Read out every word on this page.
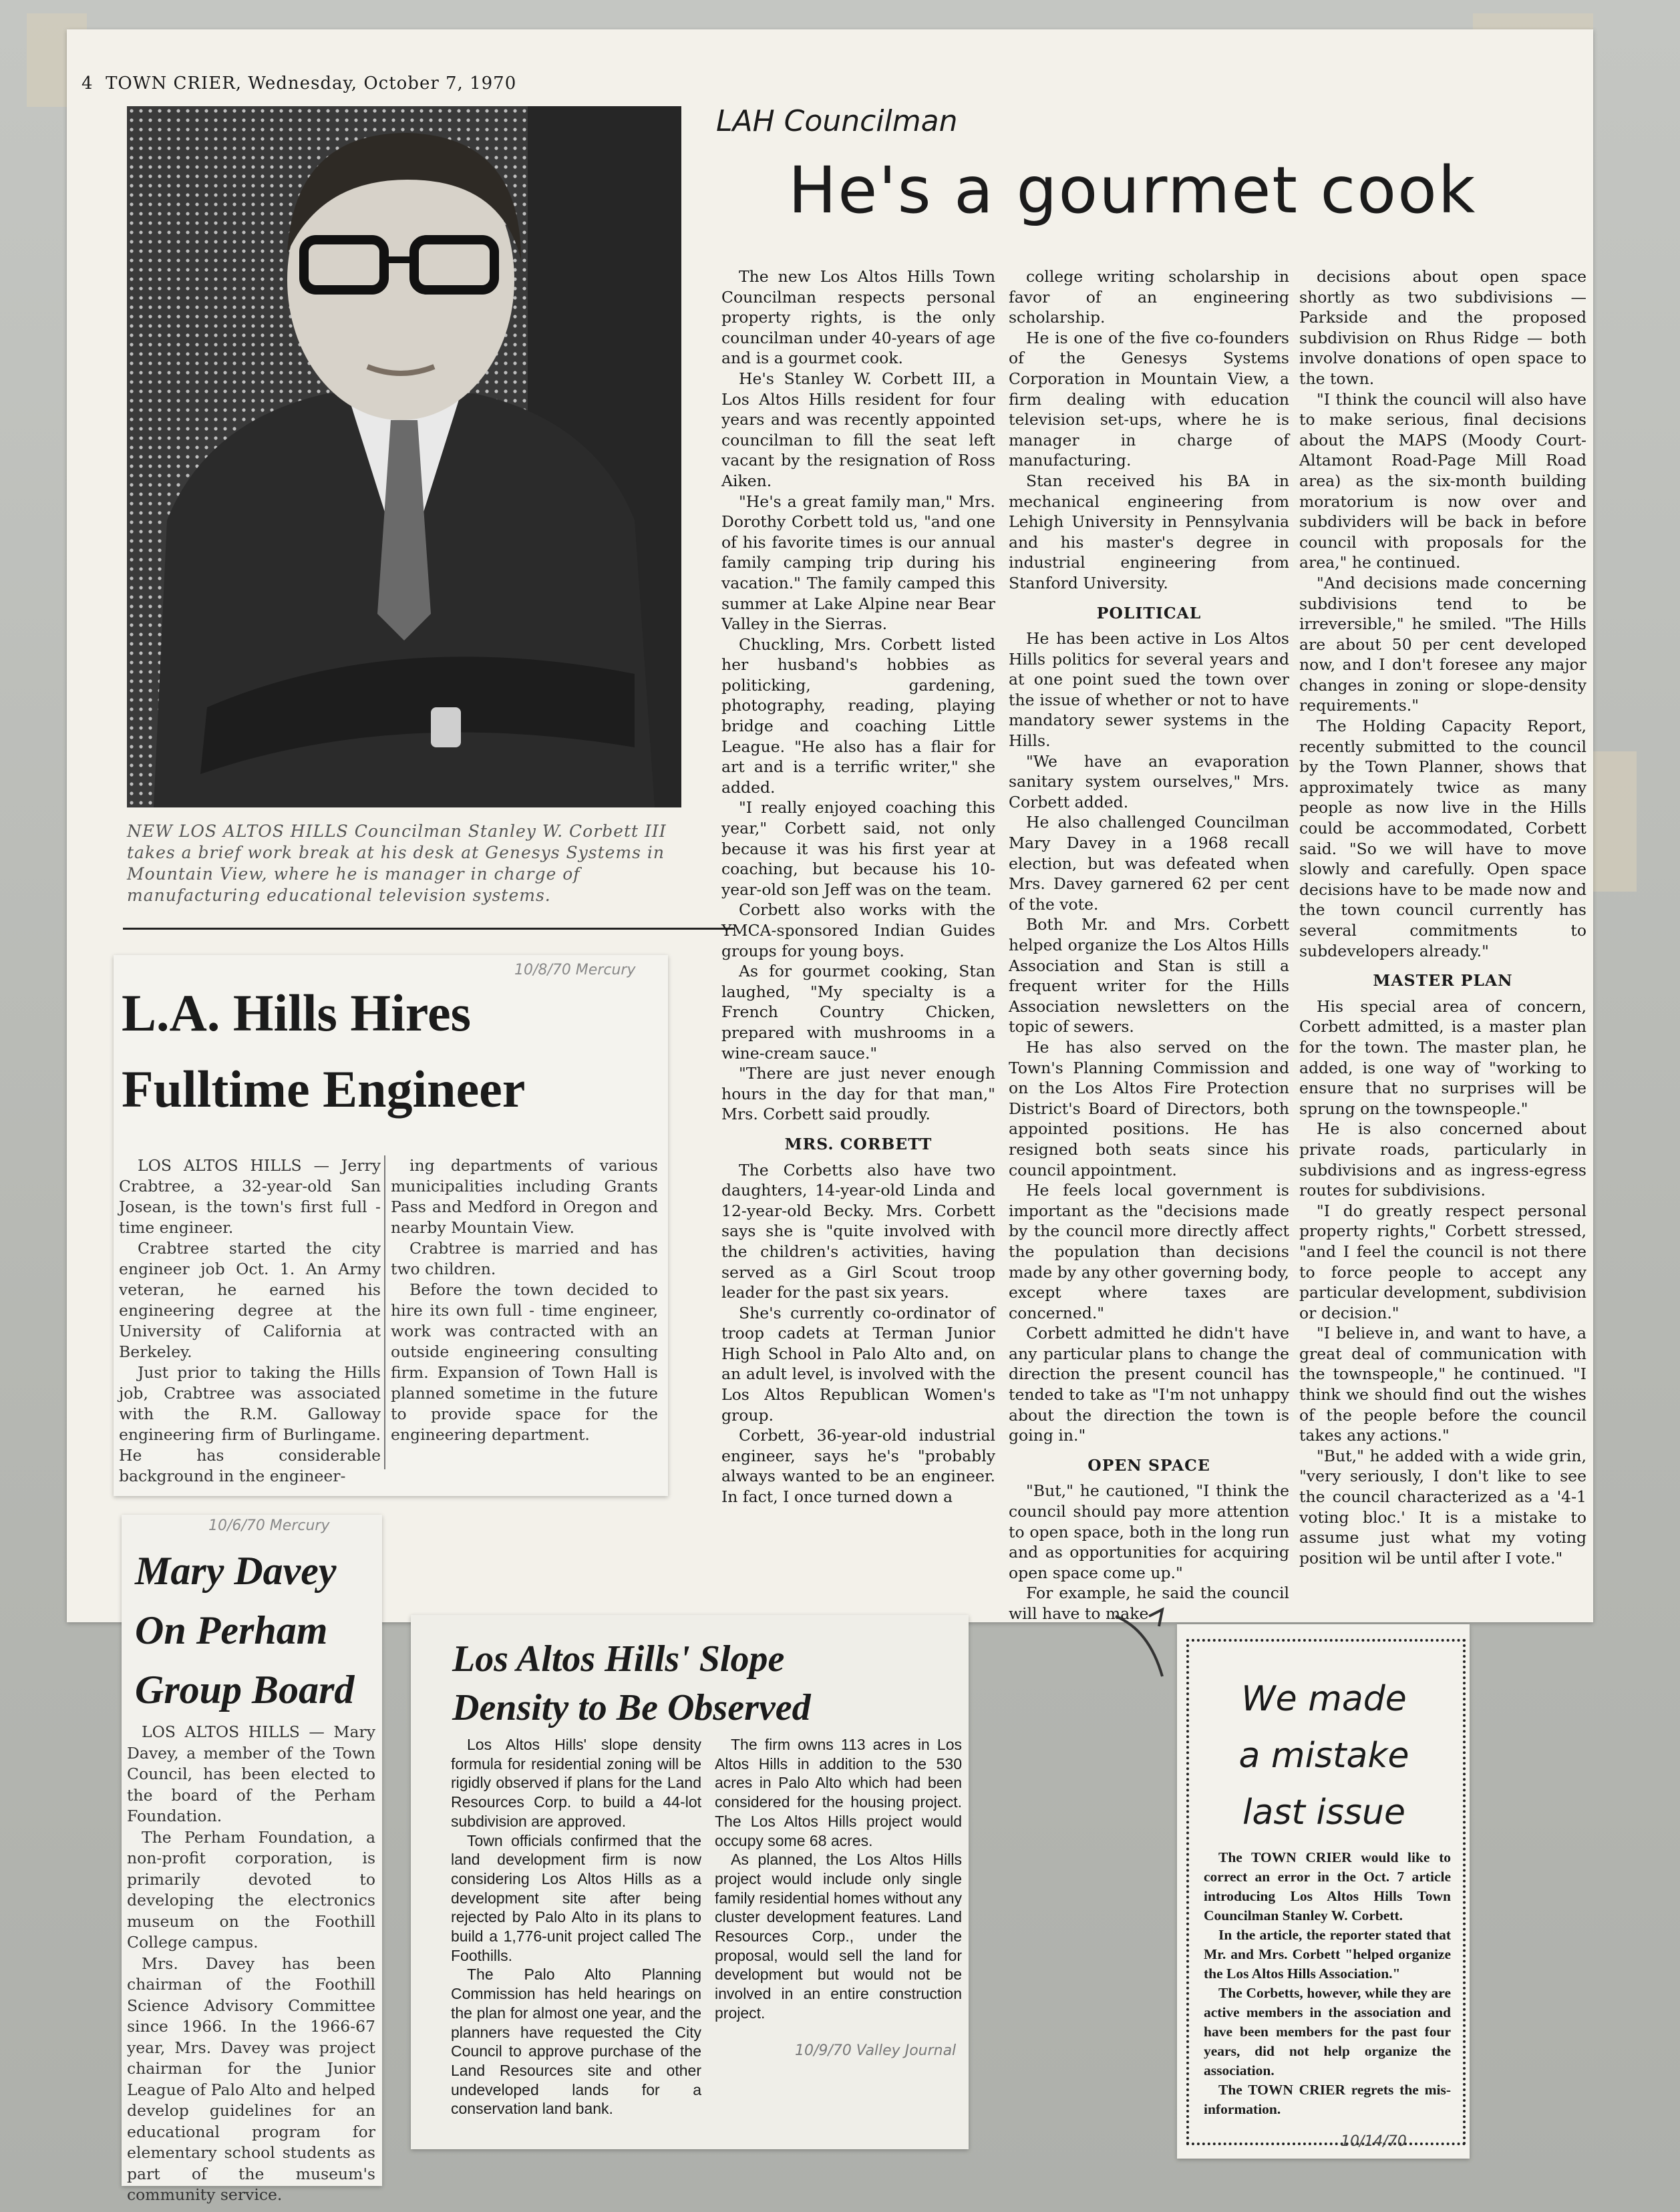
4 TOWN CRIER, Wednesday, October 7, 1970
NEW LOS ALTOS HILLS Councilman Stanley W. Corbett III takes a brief work break at his desk at Genesys Systems in Mountain View, where he is manager in charge of manufacturing educational television systems.
LAH Councilman
He's a gourmet cook

The new Los Altos Hills Town Councilman respects personal property rights, is the only councilman under 40-years of age and is a gourmet cook.

He's Stanley W. Corbett III, a Los Altos Hills resident for four years and was recently appointed councilman to fill the seat left vacant by the resignation of Ross Aiken.

"He's a great family man," Mrs. Dorothy Corbett told us, "and one of his favorite times is our annual family camping trip during his vacation." The family camped this summer at Lake Alpine near Bear Valley in the Sierras.

Chuckling, Mrs. Corbett listed her husband's hobbies as politicking, gardening, photography, reading, playing bridge and coaching Little League. "He also has a flair for art and is a terrific writer," she added.

"I really enjoyed coaching this year," Corbett said, not only because it was his first year at coaching, but because his 10-year-old son Jeff was on the team.

Corbett also works with the YMCA-sponsored Indian Guides groups for young boys.

As for gourmet cooking, Stan laughed, "My specialty is a French Country Chicken, prepared with mushrooms in a wine-cream sauce."

"There are just never enough hours in the day for that man," Mrs. Corbett said proudly.

MRS. CORBETT

The Corbetts also have two daughters, 14-year-old Linda and 12-year-old Becky. Mrs. Corbett says she is "quite involved with the children's activities, having served as a Girl Scout troop leader for the past six years.

She's currently co-ordinator of troop cadets at Terman Junior High School in Palo Alto and, on an adult level, is involved with the Los Altos Republican Women's group.

Corbett, 36-year-old industrial engineer, says he's "probably always wanted to be an engineer. In fact, I once turned down a

college writing scholarship in favor of an engineering scholarship.

He is one of the five co-founders of the Genesys Systems Corporation in Mountain View, a firm dealing with education television set-ups, where he is manager in charge of manufacturing.

Stan received his BA in mechanical engineering from Lehigh University in Pennsylvania and his master's degree in industrial engineering from Stanford University.

POLITICAL

He has been active in Los Altos Hills politics for several years and at one point sued the town over the issue of whether or not to have mandatory sewer systems in the Hills.

"We have an evaporation sanitary system ourselves," Mrs. Corbett added.

He also challenged Councilman Mary Davey in a 1968 recall election, but was defeated when Mrs. Davey garnered 62 per cent of the vote.

Both Mr. and Mrs. Corbett helped organize the Los Altos Hills Association and Stan is still a frequent writer for the Hills Association newsletters on the topic of sewers.

He has also served on the Town's Planning Commission and on the Los Altos Fire Protection District's Board of Directors, both appointed positions. He has resigned both seats since his council appointment.

He feels local government is important as the "decisions made by the council more directly affect the population than decisions made by any other governing body, except where taxes are concerned."

Corbett admitted he didn't have any particular plans to change the direction the present council has tended to take as "I'm not unhappy about the direction the town is going in."

OPEN SPACE

"But," he cautioned, "I think the council should pay more attention to open space, both in the long run and as opportunities for acquiring open space come up."

For example, he said the council will have to make

decisions about open space shortly as two subdivisions — Parkside and the proposed subdivision on Rhus Ridge — both involve donations of open space to the town.

"I think the council will also have to make serious, final decisions about the MAPS (Moody Court-Altamont Road-Page Mill Road area) as the six-month building moratorium is now over and subdividers will be back in before council with proposals for the area," he continued.

"And decisions made concerning subdivisions tend to be irreversible," he smiled. "The Hills are about 50 per cent developed now, and I don't foresee any major changes in zoning or slope-density requirements."

The Holding Capacity Report, recently submitted to the council by the Town Planner, shows that approximately twice as many people as now live in the Hills could be accommodated, Corbett said. "So we will have to move slowly and carefully. Open space decisions have to be made now and the town council currently has several commitments to subdevelopers already."

MASTER PLAN

His special area of concern, Corbett admitted, is a master plan for the town. The master plan, he added, is one way of "working to ensure that no surprises will be sprung on the townspeople."

He is also concerned about private roads, particularly in subdivisions and as ingress-egress routes for subdivisions.

"I do greatly respect personal property rights," Corbett stressed, "and I feel the council is not there to force people to accept any particular development, subdivision or decision."

"I believe in, and want to have, a great deal of communication with the townspeople," he continued. "I think we should find out the wishes of the people before the council takes any actions."

"But," he added with a wide grin, "very seriously, I don't like to see the council characterized as a '4-1 voting bloc.' It is a mistake to assume just what my voting position wil be until after I vote."

10/8/70 Mercury
L.A. Hills Hires
Fulltime Engineer

LOS ALTOS HILLS — Jerry Crabtree, a 32-year-old San Josean, is the town's first full - time engineer.

Crabtree started the city engineer job Oct. 1. An Army veteran, he earned his engineering degree at the University of California at Berkeley.

Just prior to taking the Hills job, Crabtree was associated with the R.M. Galloway engineering firm of Burlingame. He has considerable background in the engineer-

ing departments of various municipalities including Grants Pass and Medford in Oregon and nearby Mountain View.

Crabtree is married and has two children.

Before the town decided to hire its own full - time engineer, work was contracted with an outside engineering consulting firm. Expansion of Town Hall is planned sometime in the future to provide space for the engineering department.

10/6/70 Mercury
Mary Davey
On Perham
Group Board

LOS ALTOS HILLS — Mary Davey, a member of the Town Council, has been elected to the board of the Perham Foundation.

The Perham Foundation, a non-profit corporation, is primarily devoted to developing the electronics museum on the Foothill College campus.

Mrs. Davey has been chairman of the Foothill Science Advisory Committee since 1966. In the 1966-67 year, Mrs. Davey was project chairman for the Junior League of Palo Alto and helped develop guidelines for an educational program for elementary school students as part of the museum's community service.

Los Altos Hills' Slope
Density to Be Observed

Los Altos Hills' slope density formula for residential zoning will be rigidly observed if plans for the Land Resources Corp. to build a 44-lot subdivision are approved.

Town officials confirmed that the land development firm is now considering Los Altos Hills as a development site after being rejected by Palo Alto in its plans to build a 1,776-unit project called The Foothills.

The Palo Alto Planning Commission has held hearings on the plan for almost one year, and the planners have requested the City Council to approve purchase of the Land Resources site and other undeveloped lands for a conservation land bank.

The firm owns 113 acres in Los Altos Hills in addition to the 530 acres in Palo Alto which had been considered for the housing project. The Los Altos Hills project would occupy some 68 acres.

As planned, the Los Altos Hills project would include only single family residential homes without any cluster development features. Land Resources Corp., under the proposal, would sell the land for development but would not be involved in an entire construction project.

10/9/70 Valley Journal
We made
a mistake
last issue

The TOWN CRIER would like to correct an error in the Oct. 7 article introducing Los Altos Hills Town Councilman Stanley W. Corbett.

In the article, the reporter stated that Mr. and Mrs. Corbett "helped organize the Los Altos Hills Association."

The Corbetts, however, while they are active members in the association and have been members for the past four years, did not help organize the association.

The TOWN CRIER regrets the mis-information.

10/14/70
